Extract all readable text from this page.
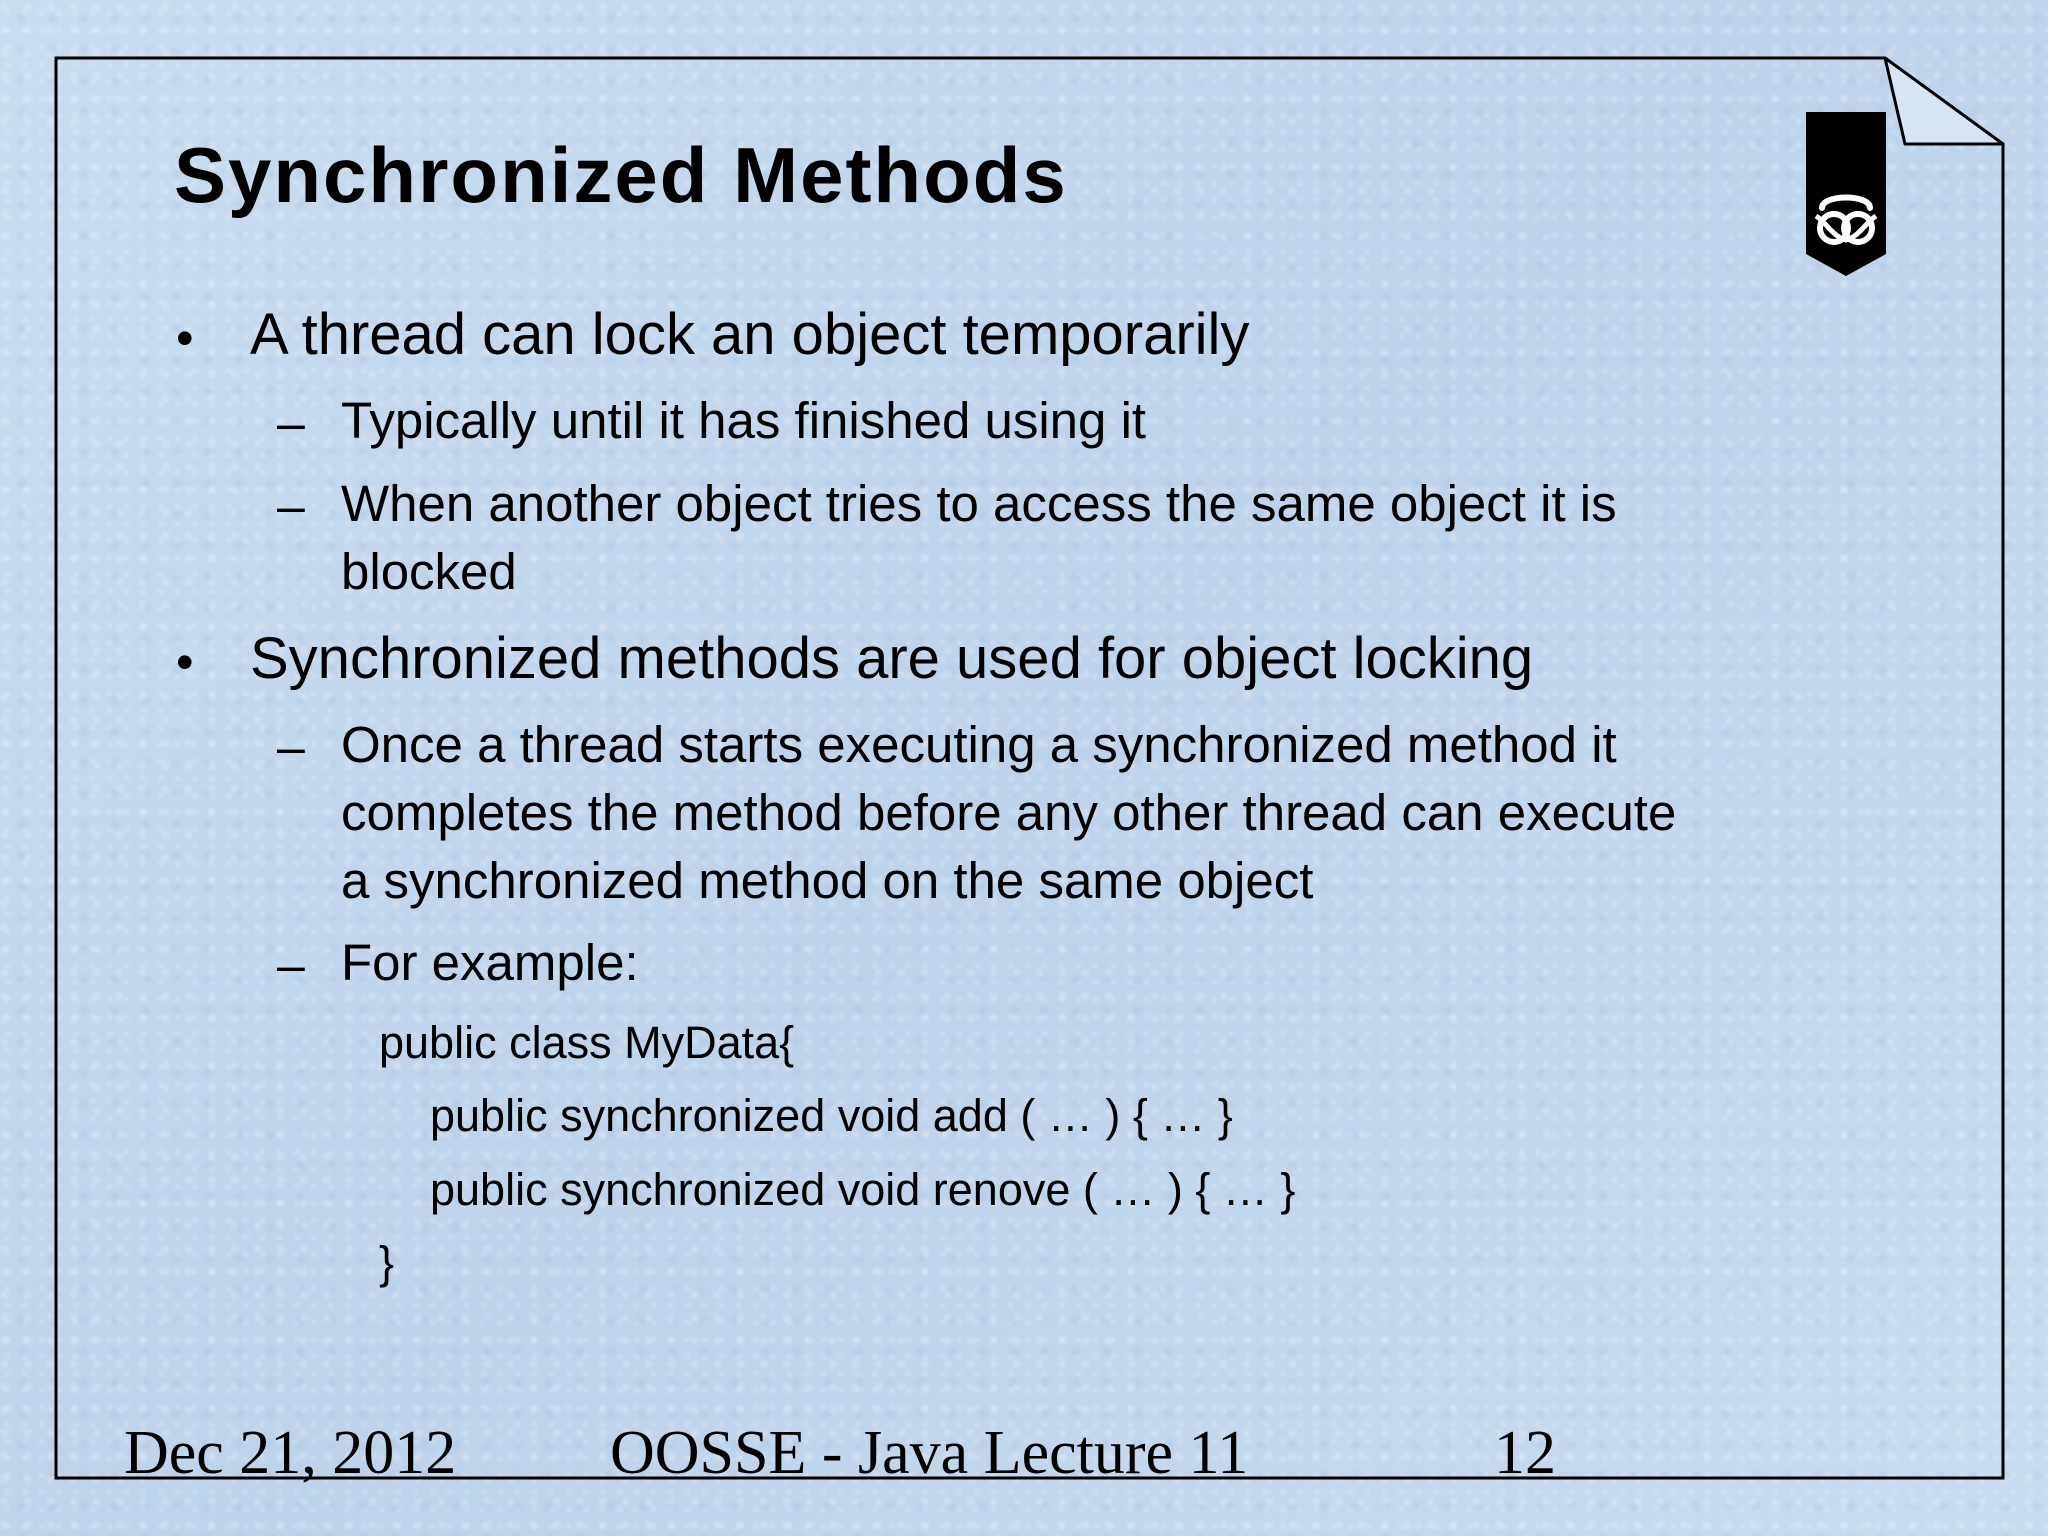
Synchronized Methods
• A thread can lock an object temporarily
– Typically until it has finished using it
– When another object tries to access the same object it is
blocked
• Synchronized methods are used for object locking
– Once a thread starts executing a synchronized method it
completes the method before any other thread can execute
a synchronized method on the same object
– For example:
public class MyData{
public synchronized void add ( … ) { … }
public synchronized void renove ( … ) { … }
}
Dec 21, 2012 OOSSE - Java Lecture 11	12
